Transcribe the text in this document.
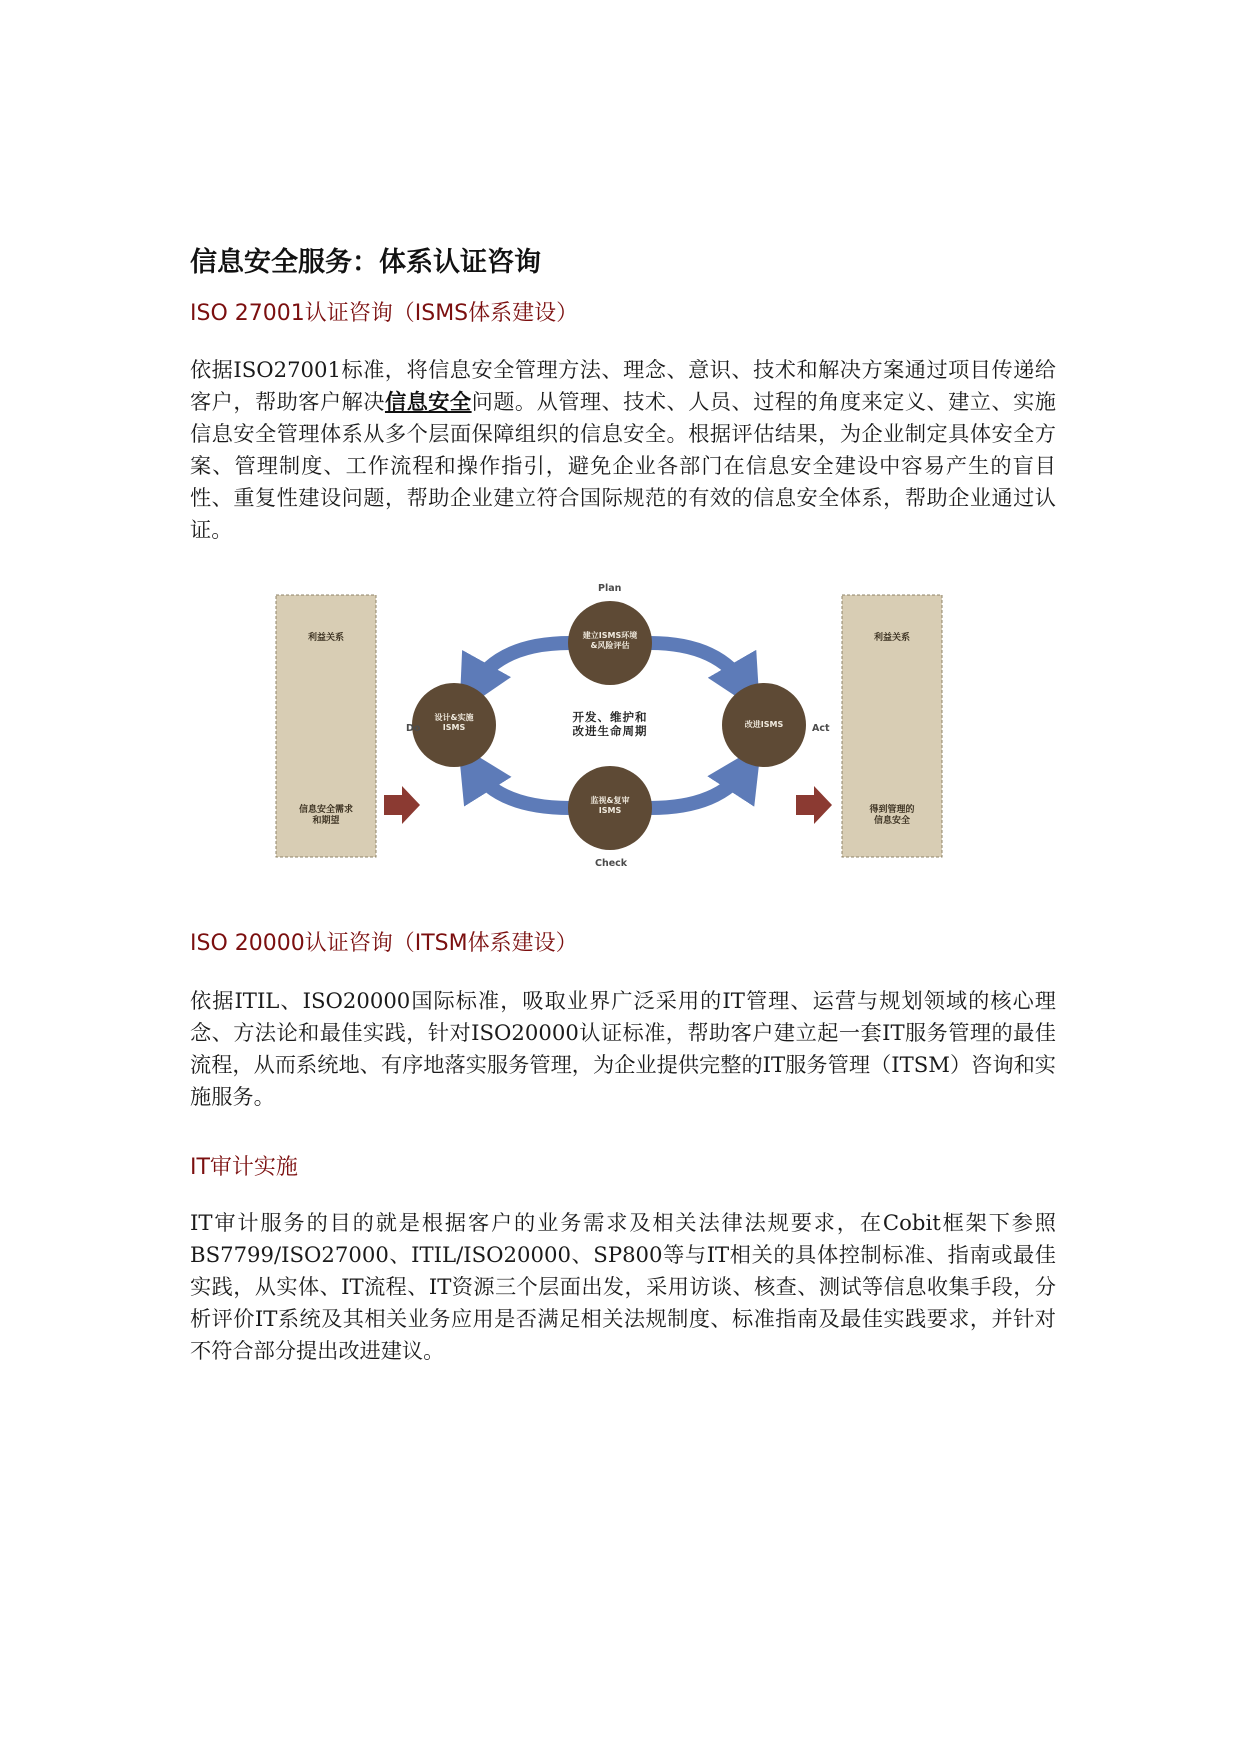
信息安全服务：体系认证咨询
ISO 27001认证咨询（ISMS体系建设）
依据ISO27001标准，将信息安全管理方法、理念、意识、技术和解决方案通过项目传递给客户，帮助客户解决信息安全问题。从管理、技术、人员、过程的角度来定义、建立、实施信息安全管理体系从多个层面保障组织的信息安全。根据评估结果，为企业制定具体安全方案、管理制度、工作流程和操作指引，避免企业各部门在信息安全建设中容易产生的盲目性、重复性建设问题，帮助企业建立符合国际规范的有效的信息安全体系，帮助企业通过认证。
利益关系
信息安全需求
和期望
利益关系
得到管理的
信息安全
Plan
Do	Act
Check
建立ISMS环境
&风险评估
设计&实施
ISMS	改进ISMS
监视&复审
ISMS
开发、维护和
改进生命周期
ISO 20000认证咨询（ITSM体系建设）
依据ITIL、ISO20000国际标准，吸取业界广泛采用的IT管理、运营与规划领域的核心理念、方法论和最佳实践，针对ISO20000认证标准，帮助客户建立起一套IT服务管理的最佳流程，从而系统地、有序地落实服务管理，为企业提供完整的IT服务管理（ITSM）咨询和实施服务。
IT审计实施
IT审计服务的目的就是根据客户的业务需求及相关法律法规要求，在Cobit框架下参照BS7799/ISO27000、ITIL/ISO20000、SP800等与IT相关的具体控制标准、指南或最佳实践，从实体、IT流程、IT资源三个层面出发，采用访谈、核查、测试等信息收集手段，分析评价IT系统及其相关业务应用是否满足相关法规制度、标准指南及最佳实践要求，并针对不符合部分提出改进建议。
